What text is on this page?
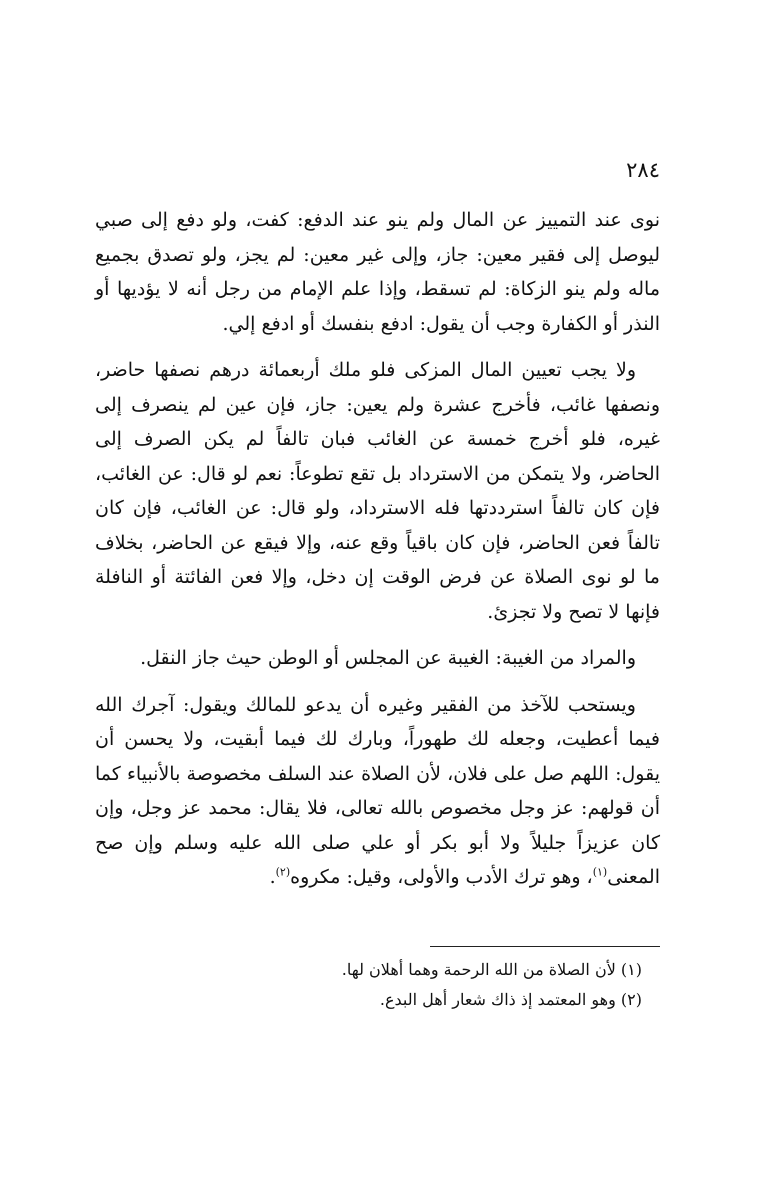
٢٨٤

نوى عند التمييز عن المال ولم ينو عند الدفع: كفت، ولو دفع إلى صبي ليوصل إلى فقير معين: جاز، وإلى غير معين: لم يجز، ولو تصدق بجميع ماله ولم ينو الزكاة: لم تسقط، وإذا علم الإمام من رجل أنه لا يؤديها أو النذر أو الكفارة وجب أن يقول: ادفع بنفسك أو ادفع إلي.

ولا يجب تعيين المال المزكى فلو ملك أربعمائة درهم نصفها حاضر، ونصفها غائب، فأخرج عشرة ولم يعين: جاز، فإن عين لم ينصرف إلى غيره، فلو أخرج خمسة عن الغائب فبان تالفاً لم يكن الصرف إلى الحاضر، ولا يتمكن من الاسترداد بل تقع تطوعاً: نعم لو قال: عن الغائب، فإن كان تالفاً استرددتها فله الاسترداد، ولو قال: عن الغائب، فإن كان تالفاً فعن الحاضر، فإن كان باقياً وقع عنه، وإلا فيقع عن الحاضر، بخلاف ما لو نوى الصلاة عن فرض الوقت إن دخل، وإلا فعن الفائتة أو النافلة فإنها لا تصح ولا تجزئ.

والمراد من الغيبة: الغيبة عن المجلس أو الوطن حيث جاز النقل.

ويستحب للآخذ من الفقير وغيره أن يدعو للمالك ويقول: آجرك الله فيما أعطيت، وجعله لك طهوراً، وبارك لك فيما أبقيت، ولا يحسن أن يقول: اللهم صل على فلان، لأن الصلاة عند السلف مخصوصة بالأنبياء كما أن قولهم: عز وجل مخصوص بالله تعالى، فلا يقال: محمد عز وجل، وإن كان عزيزاً جليلاً ولا أبو بكر أو علي صلى الله عليه وسلم وإن صح المعنى$^{(١)}$، وهو ترك الأدب والأولى، وقيل: مكروه$^{(٢)}$.

(١) لأن الصلاة من الله الرحمة وهما أهلان لها.

(٢) وهو المعتمد إذ ذاك شعار أهل البدع.
